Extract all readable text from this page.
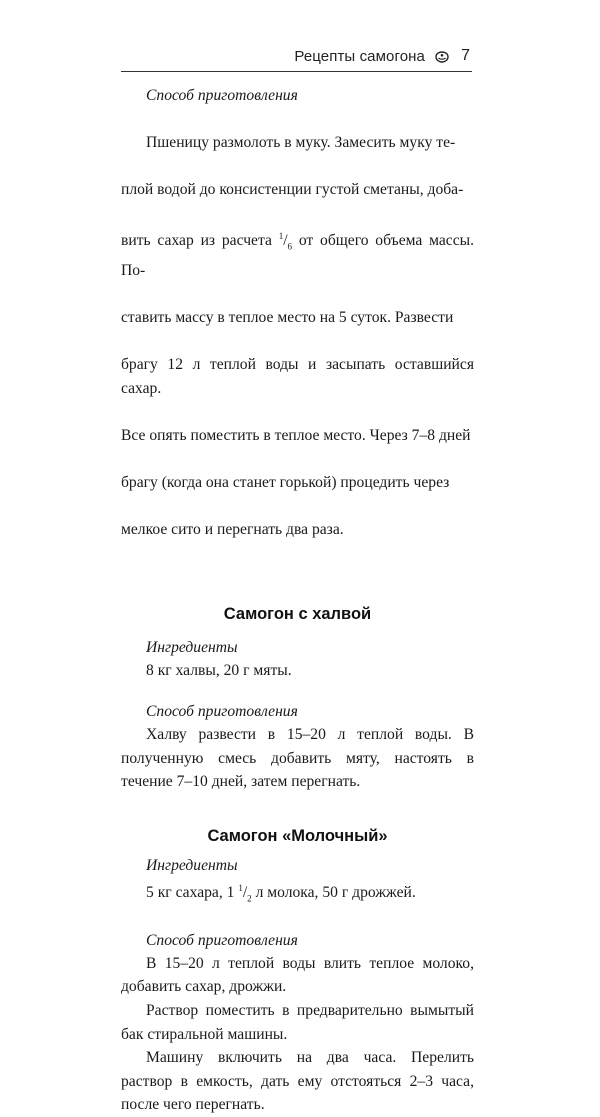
Рецепты самогона 7

Способ приготовления

Пшеницу размолоть в муку. Замесить муку те-

плой водой до консистенции густой сметаны, доба-

вить сахар из расчета $^1/_6$ от общего объема массы. По-

ставить массу в теплое место на 5 суток. Развести

брагу 12 л теплой воды и засыпать оставшийся сахар.

Все опять поместить в теплое место. Через 7–8 дней

брагу (когда она станет горькой) процедить через

мелкое сито и перегнать два раза.

Самогон с халвой

Ингредиенты

8 кг халвы, 20 г мяты.

Способ приготовления

Халву развести в 15–20 л теплой воды. В полученную смесь добавить мяту, настоять в течение 7–10 дней, затем перегнать.

Самогон «Молочный»

Ингредиенты

5 кг сахара, 1 $^1/_2$ л молока, 50 г дрожжей.

Способ приготовления

В 15–20 л теплой воды влить теплое молоко, добавить сахар, дрожжи.

Раствор поместить в предварительно вымытый бак стиральной машины.

Машину включить на два часа. Перелить раствор в емкость, дать ему отстояться 2–3 часа, после чего перегнать.
